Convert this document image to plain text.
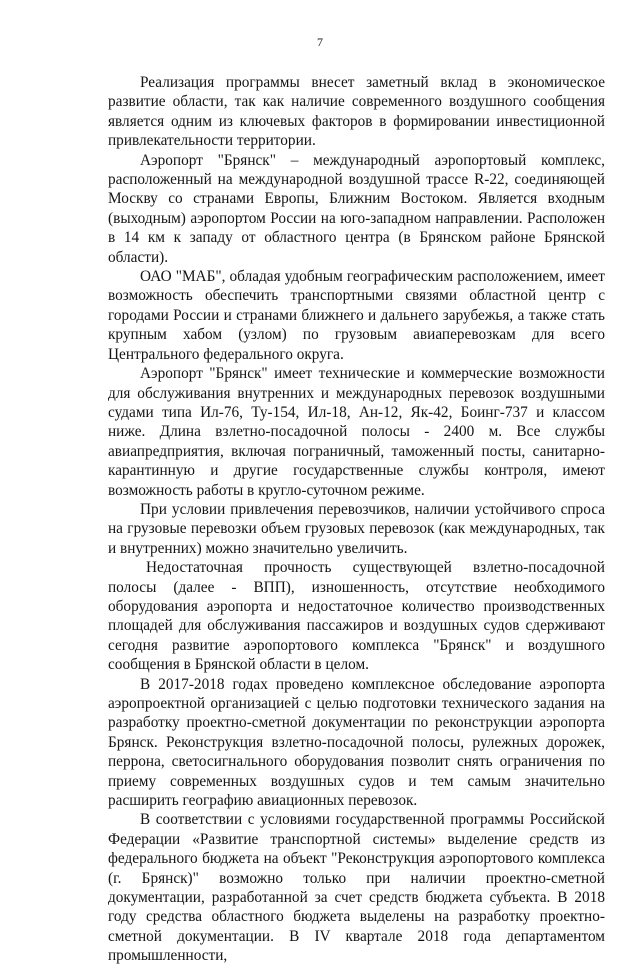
7

Реализация программы внесет заметный вклад в экономическое развитие области, так как наличие современного воздушного сообщения является одним из ключевых факторов в формировании инвестиционной привлекательности территории.

Аэропорт "Брянск" – международный аэропортовый комплекс, расположенный на международной воздушной трассе R-22, соединяющей Москву со странами Европы, Ближним Востоком. Является входным (выходным) аэропортом России на юго-западном направлении. Расположен в 14 км к западу от областного центра (в Брянском районе Брянской области).

ОАО "МАБ", обладая удобным географическим расположением, имеет возможность обеспечить транспортными связями областной центр с городами России и странами ближнего и дальнего зарубежья, а также стать крупным хабом (узлом) по грузовым авиаперевозкам для всего Центрального федерального округа.

Аэропорт "Брянск" имеет технические и коммерческие возможности для обслуживания внутренних и международных перевозок воздушными судами типа Ил-76, Ту-154, Ил-18, Ан-12, Як-42, Боинг-737 и классом ниже. Длина взлетно-посадочной полосы - 2400 м. Все службы авиапредприятия, включая пограничный, таможенный посты, санитарно-карантинную и другие государственные службы контроля, имеют возможность работы в кругло-суточном режиме.

При условии привлечения перевозчиков, наличии устойчивого спроса на грузовые перевозки объем грузовых перевозок (как международных, так и внутренних) можно значительно увеличить.

Недостаточная прочность существующей взлетно-посадочной полосы (далее - ВПП), изношенность, отсутствие необходимого оборудования аэропорта и недостаточное количество производственных площадей для обслуживания пассажиров и воздушных судов сдерживают сегодня развитие аэропортового комплекса "Брянск" и воздушного сообщения в Брянской области в целом.

В 2017-2018 годах проведено комплексное обследование аэропорта аэропроектной организацией с целью подготовки технического задания на разработку проектно-сметной документации по реконструкции аэропорта Брянск. Реконструкция взлетно-посадочной полосы, рулежных дорожек, перрона, светосигнального оборудования позволит снять ограничения по приему современных воздушных судов и тем самым значительно расширить географию авиационных перевозок.

В соответствии с условиями государственной программы Российской Федерации «Развитие транспортной системы» выделение средств из федерального бюджета на объект "Реконструкция аэропортового комплекса (г. Брянск)" возможно только при наличии проектно-сметной документации, разработанной за счет средств бюджета субъекта. В 2018 году средства областного бюджета выделены на разработку проектно-сметной документации. В IV квартале 2018 года департаментом промышленности,
